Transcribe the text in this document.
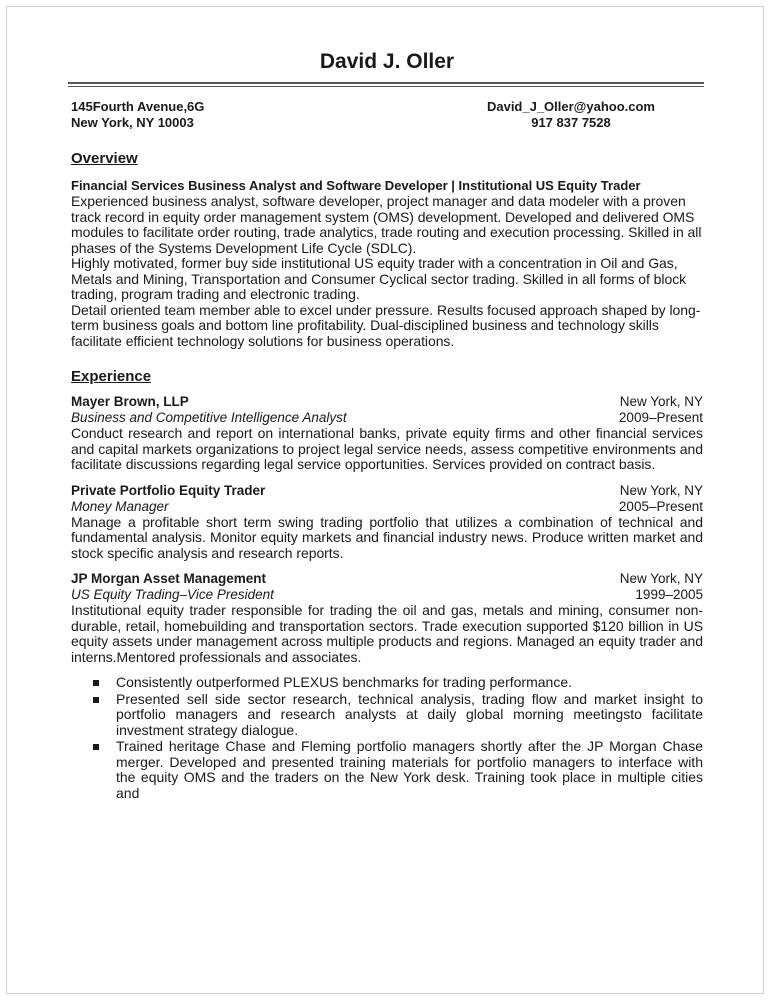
David J. Oller
145Fourth Avenue,6G
New York, NY 10003
David_J_Oller@yahoo.com
917 837 7528
Overview
Financial Services Business Analyst and Software Developer | Institutional US Equity Trader

Experienced business analyst, software developer, project manager and data modeler with a proven track record in equity order management system (OMS) development. Developed and delivered OMS modules to facilitate order routing, trade analytics, trade routing and execution processing. Skilled in all phases of the Systems Development Life Cycle (SDLC).

Highly motivated, former buy side institutional US equity trader with a concentration in Oil and Gas, Metals and Mining, Transportation and Consumer Cyclical sector trading. Skilled in all forms of block trading, program trading and electronic trading.

Detail oriented team member able to excel under pressure. Results focused approach shaped by long-term business goals and bottom line profitability. Dual-disciplined business and technology skills facilitate efficient technology solutions for business operations.

Experience
Mayer Brown, LLP	New York, NY
Business and Competitive Intelligence Analyst	2009–Present

Conduct research and report on international banks, private equity firms and other financial services and capital markets organizations to project legal service needs, assess competitive environments and facilitate discussions regarding legal service opportunities. Services provided on contract basis.

Private Portfolio Equity Trader	New York, NY
Money Manager	2005–Present

Manage a profitable short term swing trading portfolio that utilizes a combination of technical and fundamental analysis. Monitor equity markets and financial industry news. Produce written market and stock specific analysis and research reports.

JP Morgan Asset Management	New York, NY
US Equity Trading–Vice President	1999–2005

Institutional equity trader responsible for trading the oil and gas, metals and mining, consumer non-durable, retail, homebuilding and transportation sectors. Trade execution supported $120 billion in US equity assets under management across multiple products and regions. Managed an equity trader and interns.Mentored professionals and associates.

Consistently outperformed PLEXUS benchmarks for trading performance.
Presented sell side sector research, technical analysis, trading flow and market insight to portfolio managers and research analysts at daily global morning meetingsto facilitate investment strategy dialogue.
Trained heritage Chase and Fleming portfolio managers shortly after the JP Morgan Chase merger. Developed and presented training materials for portfolio managers to interface with the equity OMS and the traders on the New York desk. Training took place in multiple cities and
